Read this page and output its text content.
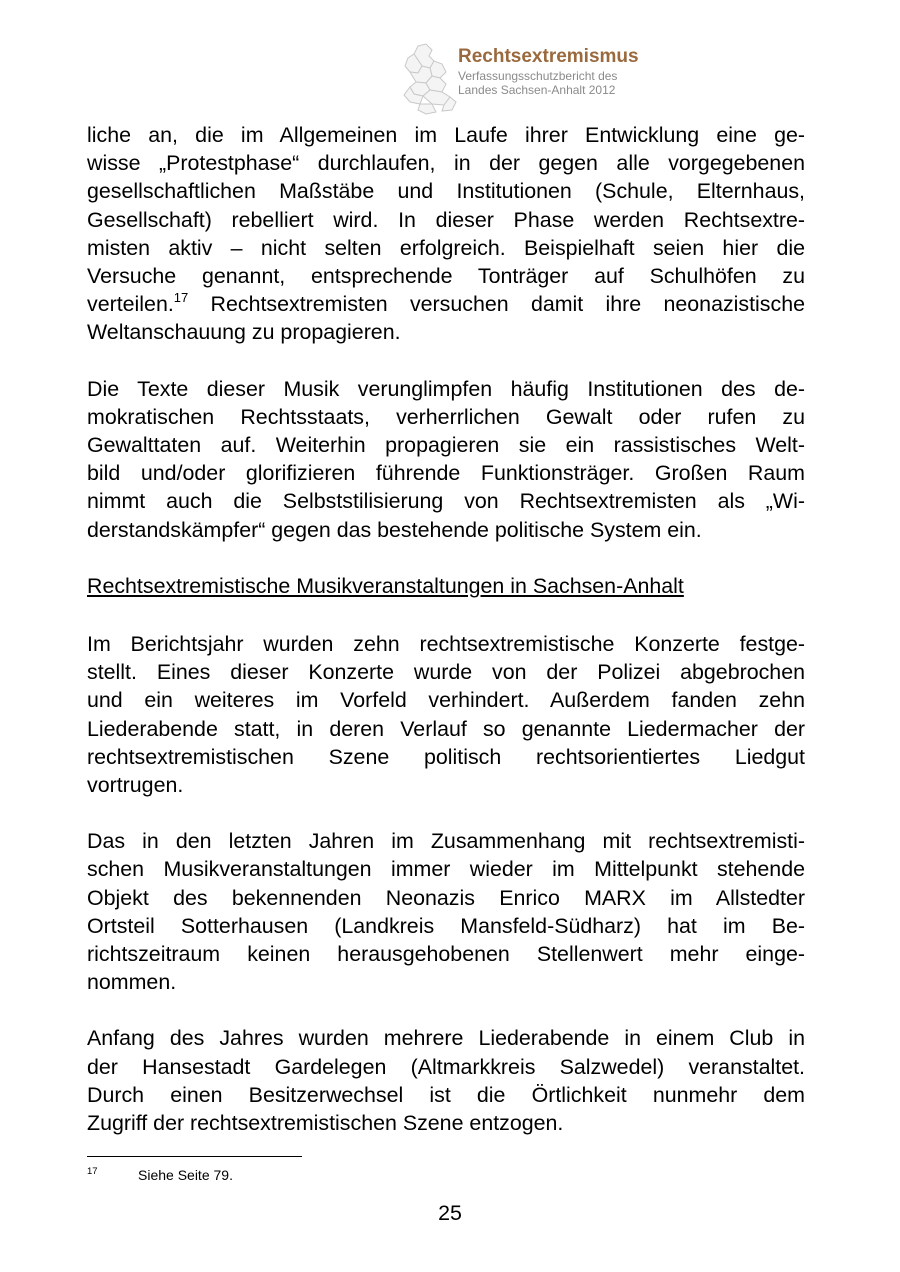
Rechtsextremismus
Verfassungsschutzbericht des
Landes Sachsen-Anhalt 2012
liche an, die im Allgemeinen im Laufe ihrer Entwicklung eine ge-
wisse „Protestphase“ durchlaufen, in der gegen alle vorgegebenen
gesellschaftlichen Maßstäbe und Institutionen (Schule, Elternhaus,
Gesellschaft) rebelliert wird. In dieser Phase werden Rechtsextre-
misten aktiv – nicht selten erfolgreich. Beispielhaft seien hier die
Versuche genannt, entsprechende Tonträger auf Schulhöfen zu
verteilen.$^{17}$ Rechtsextremisten versuchen damit ihre neonazistische
Weltanschauung zu propagieren.
Die Texte dieser Musik verunglimpfen häufig Institutionen des de-
mokratischen Rechtsstaats, verherrlichen Gewalt oder rufen zu
Gewalttaten auf. Weiterhin propagieren sie ein rassistisches Welt-
bild und/oder glorifizieren führende Funktionsträger. Großen Raum
nimmt auch die Selbststilisierung von Rechtsextremisten als „Wi-
derstandskämpfer“ gegen das bestehende politische System ein.
Rechtsextremistische Musikveranstaltungen in Sachsen-Anhalt
Im Berichtsjahr wurden zehn rechtsextremistische Konzerte festge-
stellt. Eines dieser Konzerte wurde von der Polizei abgebrochen
und ein weiteres im Vorfeld verhindert. Außerdem fanden zehn
Liederabende statt, in deren Verlauf so genannte Liedermacher der
rechtsextremistischen Szene politisch rechtsorientiertes Liedgut
vortrugen.
Das in den letzten Jahren im Zusammenhang mit rechtsextremisti-
schen Musikveranstaltungen immer wieder im Mittelpunkt stehende
Objekt des bekennenden Neonazis Enrico MARX im Allstedter
Ortsteil Sotterhausen (Landkreis Mansfeld-Südharz) hat im Be-
richtszeitraum keinen herausgehobenen Stellenwert mehr einge-
nommen.
Anfang des Jahres wurden mehrere Liederabende in einem Club in
der Hansestadt Gardelegen (Altmarkkreis Salzwedel) veranstaltet.
Durch einen Besitzerwechsel ist die Örtlichkeit nunmehr dem
Zugriff der rechtsextremistischen Szene entzogen.
17	Siehe Seite 79.
25
